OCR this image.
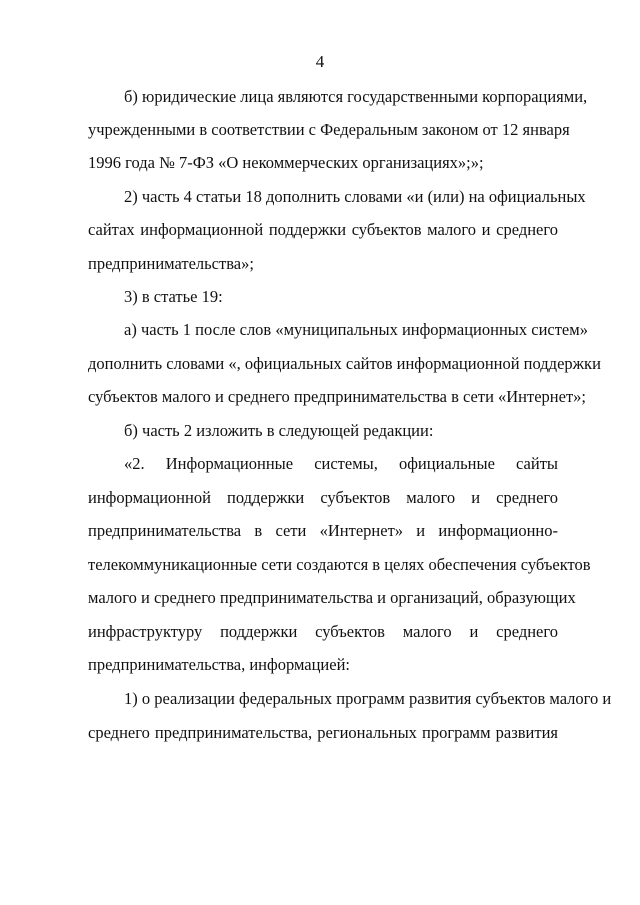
4
б) юридические лица являются государственными корпорациями,
учрежденными в соответствии с Федеральным законом от 12 января
1996 года № 7-ФЗ «О некоммерческих организациях»;»;
2) часть 4 статьи 18 дополнить словами «и (или) на официальных
сайтах информационной поддержки субъектов малого и среднего
предпринимательства»;
3) в статье 19:
а) часть 1 после слов «муниципальных информационных систем»
дополнить словами «, официальных сайтов информационной поддержки
субъектов малого и среднего предпринимательства в сети «Интернет»;
б) часть 2 изложить в следующей редакции:
«2. Информационные системы, официальные сайты
информационной поддержки субъектов малого и среднего
предпринимательства в сети «Интернет» и информационно-
телекоммуникационные сети создаются в целях обеспечения субъектов
малого и среднего предпринимательства и организаций, образующих
инфраструктуру поддержки субъектов малого и среднего
предпринимательства, информацией:
1) о реализации федеральных программ развития субъектов малого и
среднего предпринимательства, региональных программ развития
